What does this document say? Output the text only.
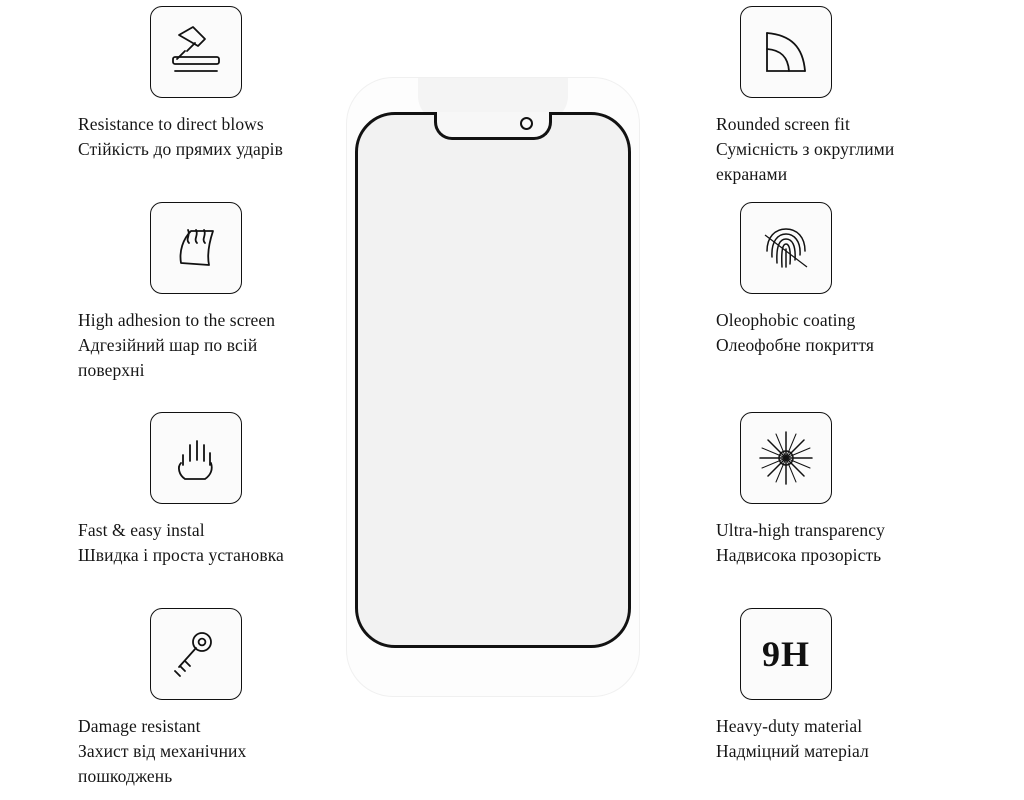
Resistance to direct blows
Стійкість до прямих ударів
High adhesion to the screen
Адгезійний шар по всій
поверхні
Fast & easy instal
Швидка і проста установка
Damage resistant
Захист від механічних
пошкоджень
Rounded screen fit
Сумісність з округлими
екранами
Oleophobic coating
Олеофобне покриття
Ultra-high transparency
Надвисока прозорість
9H
Heavy-duty material
Надміцний матеріал
